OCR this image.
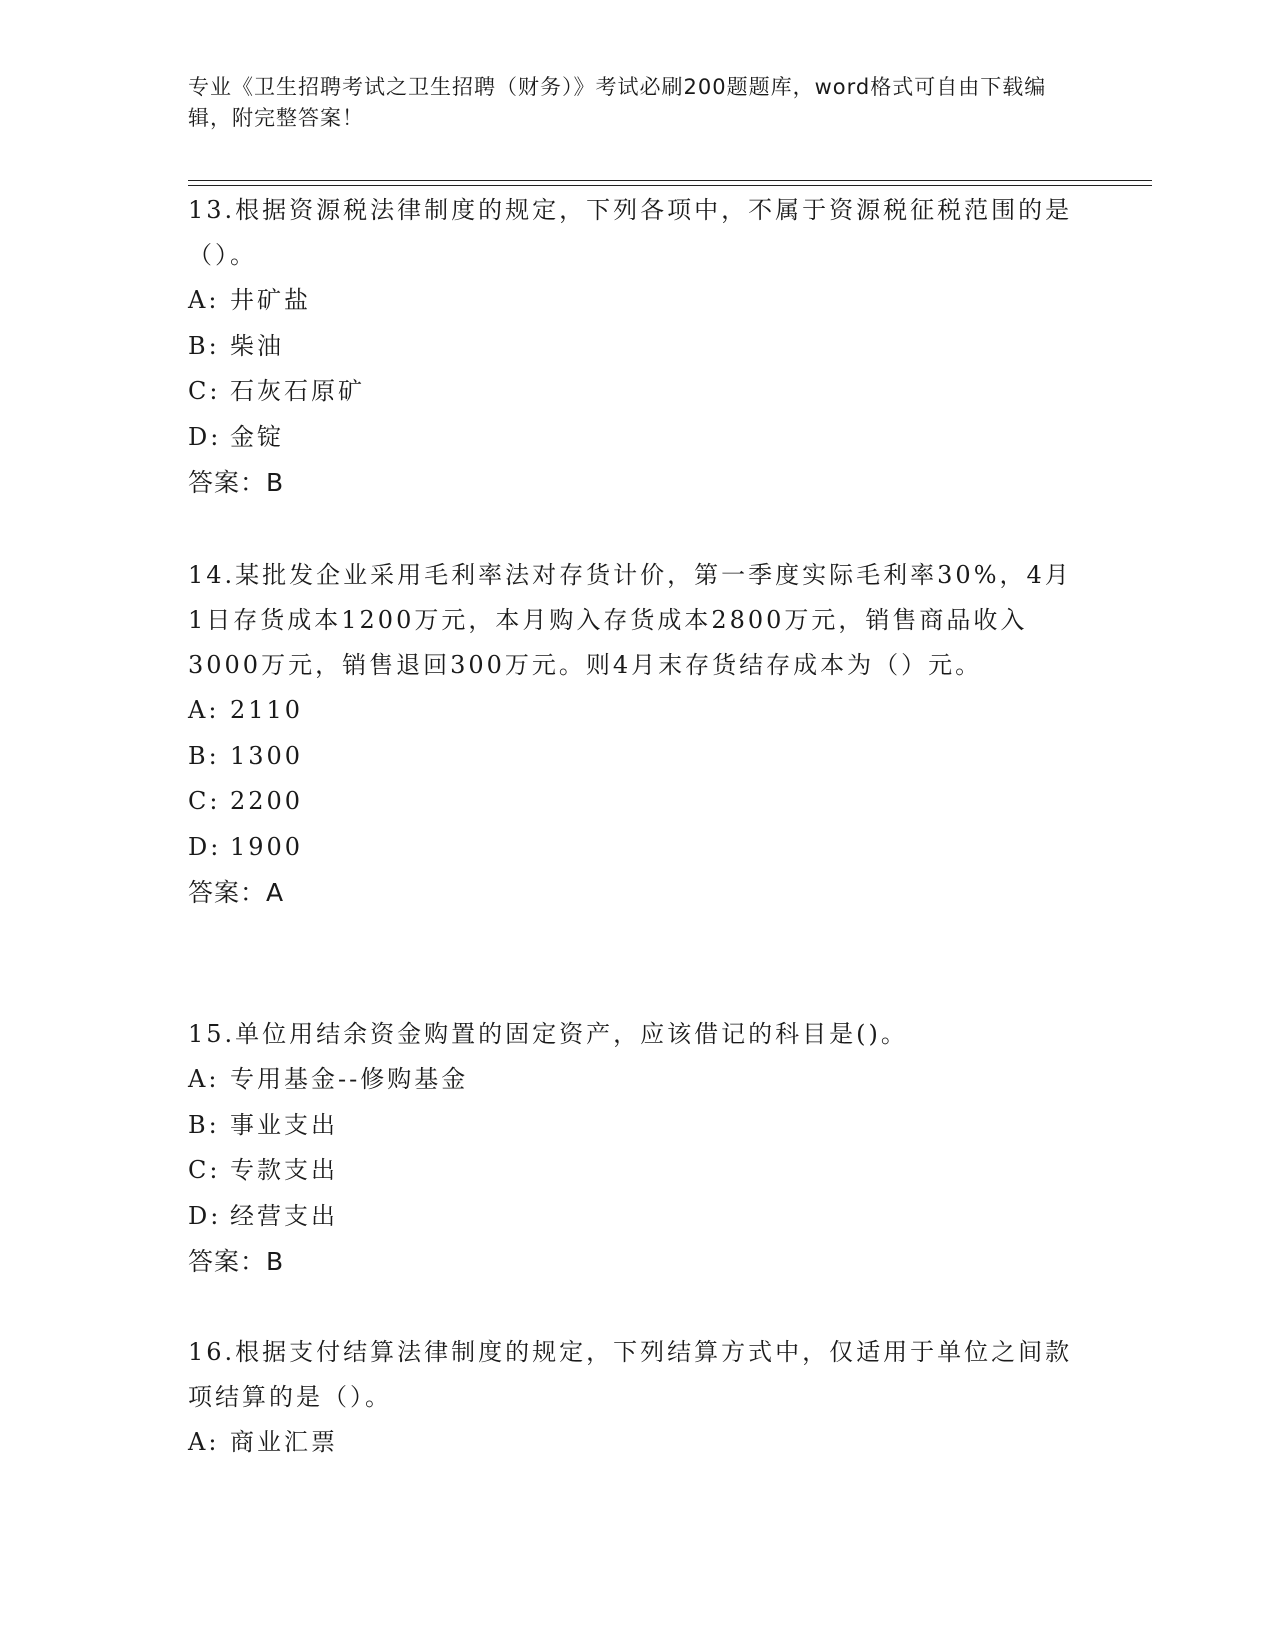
专业《卫生招聘考试之卫生招聘（财务）》考试必刷200题题库，word格式可自由下载编辑，附完整答案！

13.根据资源税法律制度的规定，下列各项中，不属于资源税征税范围的是（）。

A: 井矿盐

B: 柴油

C: 石灰石原矿

D: 金锭

答案：B

14.某批发企业采用毛利率法对存货计价，第一季度实际毛利率30%，4月1日存货成本1200万元，本月购入存货成本2800万元，销售商品收入3000万元，销售退回300万元。则4月末存货结存成本为（）元。

A: 2110

B: 1300

C: 2200

D: 1900

答案：A

15.单位用结余资金购置的固定资产，应该借记的科目是()。

A: 专用基金--修购基金

B: 事业支出

C: 专款支出

D: 经营支出

答案：B

16.根据支付结算法律制度的规定，下列结算方式中，仅适用于单位之间款项结算的是（）。

A: 商业汇票
